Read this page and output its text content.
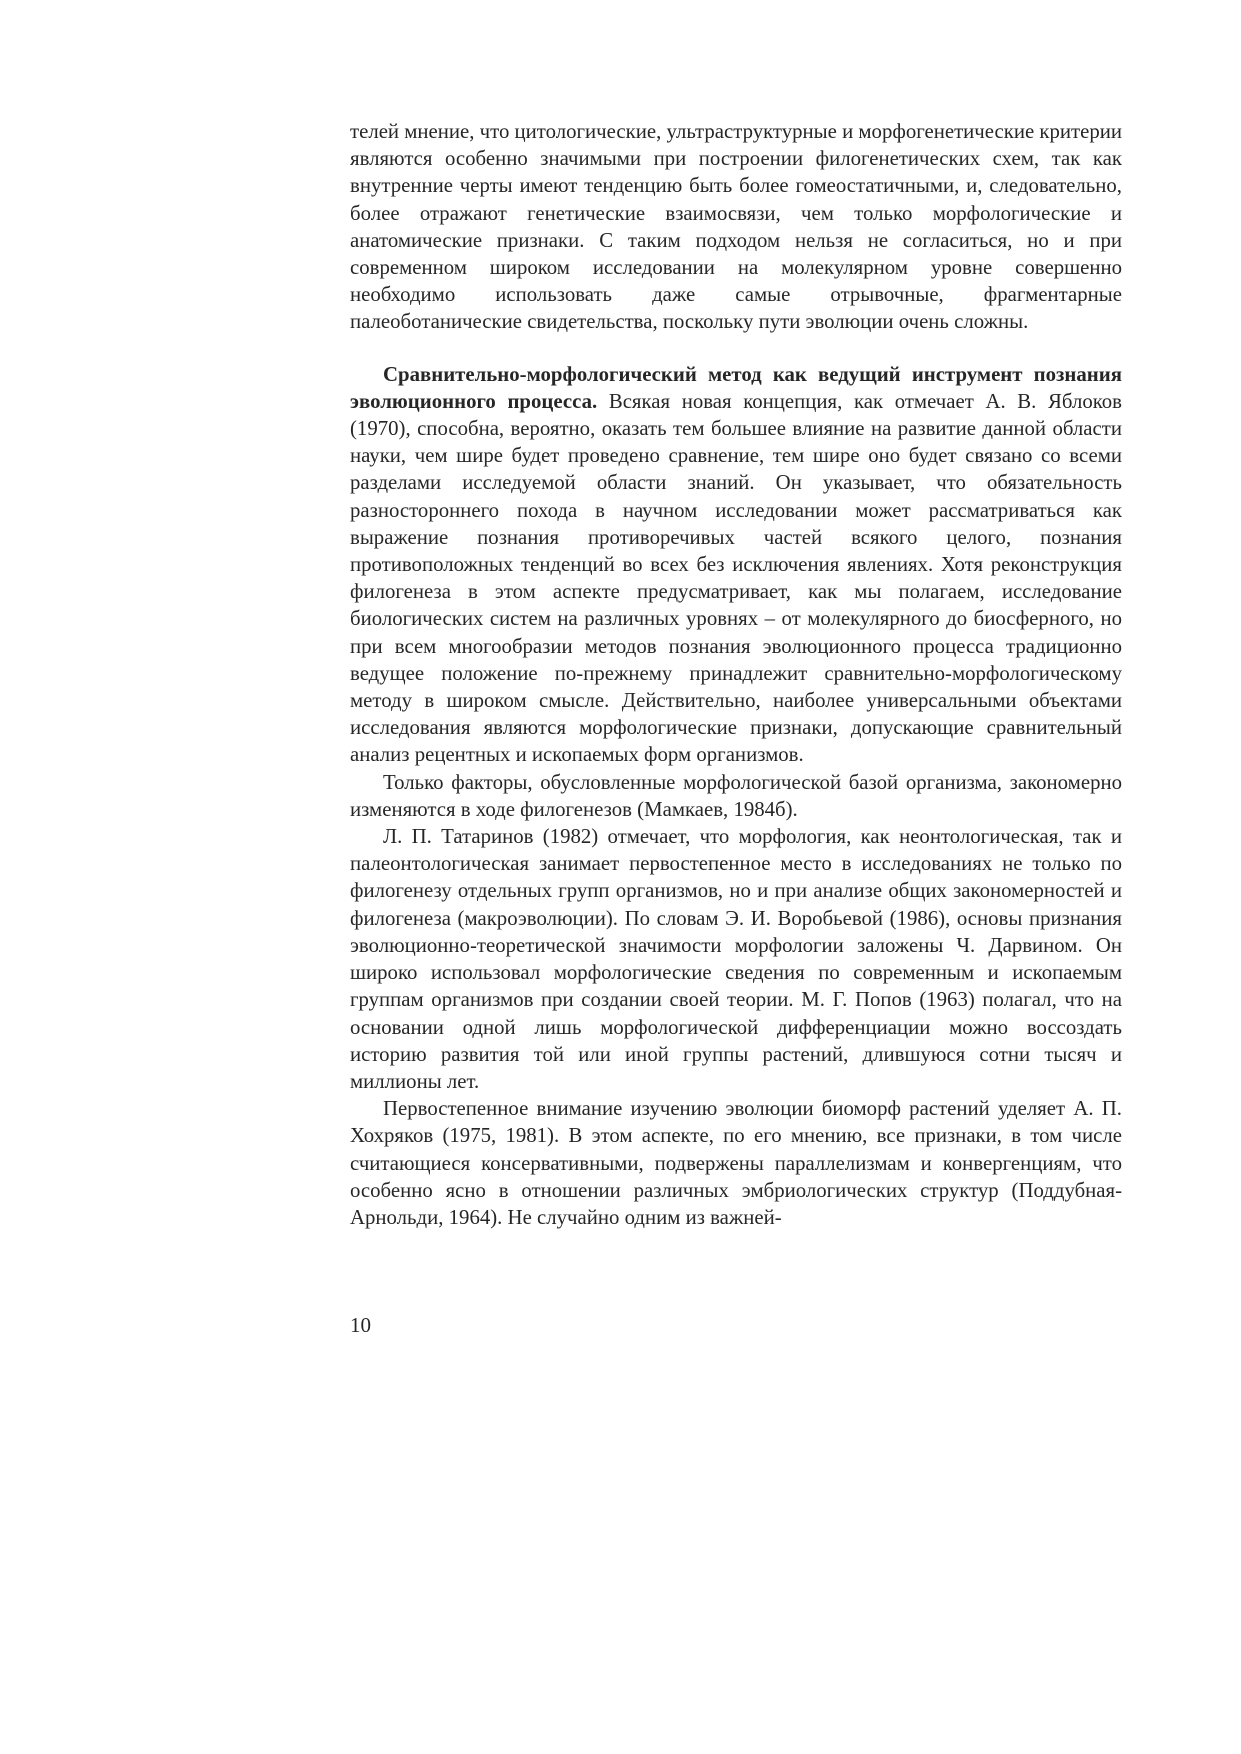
телей мнение, что цитологические, ультраструктурные и морфогенетические критерии являются особенно значимыми при построении филогенетических схем, так как внутренние черты имеют тенденцию быть более гомеостатичными, и, следовательно, более отражают генетические взаимосвязи, чем только морфологические и анатомические признаки. С таким подходом нельзя не согласиться, но и при современном широком исследовании на молекулярном уровне совершенно необходимо использовать даже самые отрывочные, фрагментарные палеоботанические свидетельства, поскольку пути эволюции очень сложны.

Сравнительно-морфологический метод как ведущий инструмент познания эволюционного процесса. Всякая новая концепция, как отмечает А. В. Яблоков (1970), способна, вероятно, оказать тем большее влияние на развитие данной области науки, чем шире будет проведено сравнение, тем шире оно будет связано со всеми разделами исследуемой области знаний. Он указывает, что обязательность разностороннего похода в научном исследовании может рассматриваться как выражение познания противоречивых частей всякого целого, познания противоположных тенденций во всех без исключения явлениях. Хотя реконструкция филогенеза в этом аспекте предусматривает, как мы полагаем, исследование биологических систем на различных уровнях – от молекулярного до биосферного, но при всем многообразии методов познания эволюционного процесса традиционно ведущее положение по-прежнему принадлежит сравнительно-морфологическому методу в широком смысле. Действительно, наиболее универсальными объектами исследования являются морфологические признаки, допускающие сравнительный анализ рецентных и ископаемых форм организмов.

Только факторы, обусловленные морфологической базой организма, закономерно изменяются в ходе филогенезов (Мамкаев, 1984б).

Л. П. Татаринов (1982) отмечает, что морфология, как неонтологическая, так и палеонтологическая занимает первостепенное место в исследованиях не только по филогенезу отдельных групп организмов, но и при анализе общих закономерностей и филогенеза (макроэволюции). По словам Э. И. Воробьевой (1986), основы признания эволюционно-теоретической значимости морфологии заложены Ч. Дарвином. Он широко использовал морфологические сведения по современным и ископаемым группам организмов при создании своей теории. М. Г. Попов (1963) полагал, что на основании одной лишь морфологической дифференциации можно воссоздать историю развития той или иной группы растений, длившуюся сотни тысяч и миллионы лет.

Первостепенное внимание изучению эволюции биоморф растений уделяет А. П. Хохряков (1975, 1981). В этом аспекте, по его мнению, все признаки, в том числе считающиеся консервативными, подвержены параллелизмам и конвергенциям, что особенно ясно в отношении различных эмбриологических структур (Поддубная-Арнольди, 1964). Не случайно одним из важней-

10
